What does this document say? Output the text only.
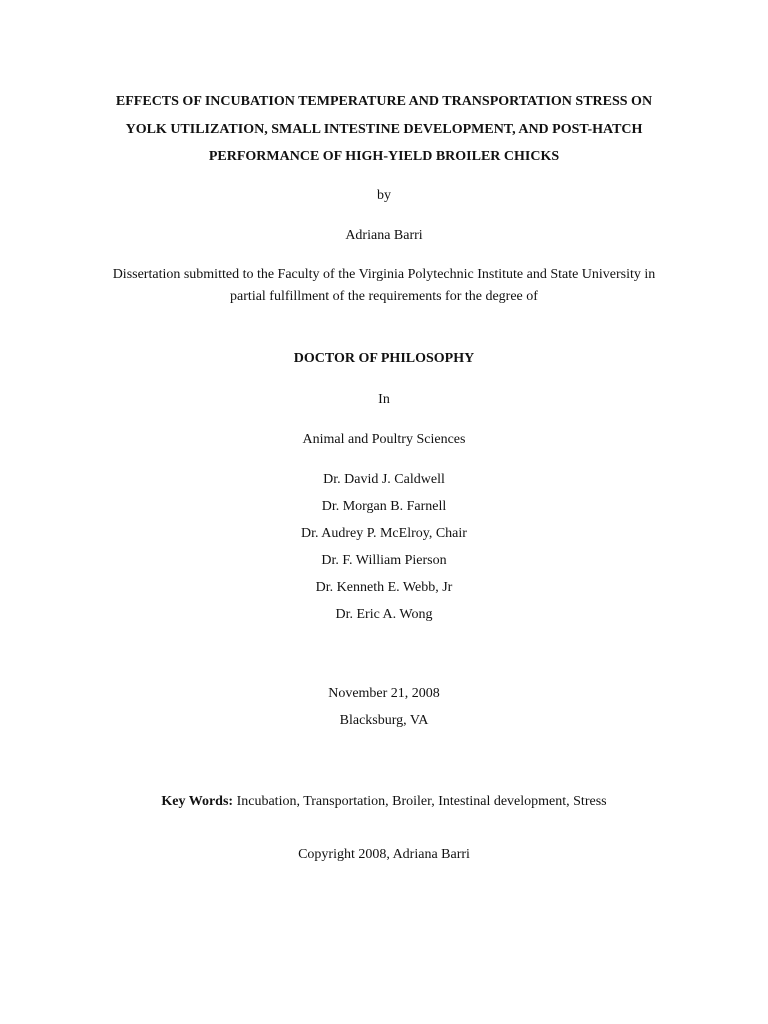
EFFECTS OF INCUBATION TEMPERATURE AND TRANSPORTATION STRESS ON
YOLK UTILIZATION, SMALL INTESTINE DEVELOPMENT, AND POST-HATCH
PERFORMANCE OF HIGH-YIELD BROILER CHICKS
by
Adriana Barri
Dissertation submitted to the Faculty of the Virginia Polytechnic Institute and State University in
partial fulfillment of the requirements for the degree of
DOCTOR OF PHILOSOPHY
In
Animal and Poultry Sciences
Dr. David J. Caldwell
Dr. Morgan B. Farnell
Dr. Audrey P. McElroy, Chair
Dr. F. William Pierson
Dr. Kenneth E. Webb, Jr
Dr. Eric A. Wong
November 21, 2008
Blacksburg, VA
Key Words: Incubation, Transportation, Broiler, Intestinal development, Stress
Copyright 2008, Adriana Barri
